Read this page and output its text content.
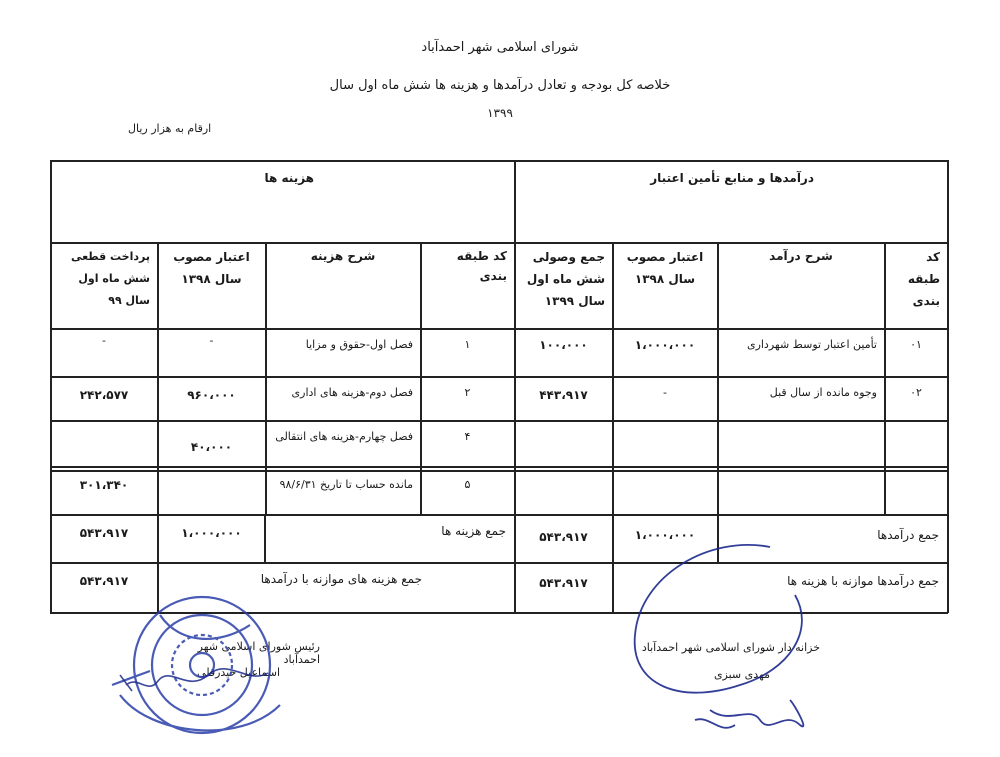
شورای اسلامی شهر احمدآباد
خلاصه کل بودجه و تعادل درآمدها و هزینه ها شش ماه اول سال
۱۳۹۹
ارقام به هزار ریال
درآمدها و منابع تأمین اعتبار
هزینه ها
کد طبقه بندی
شرح درآمد
اعتبار مصوب سال ۱۳۹۸
جمع وصولی شش ماه اول سال ۱۳۹۹
کد طبقه بندی
شرح هزینه
اعتبار مصوب سال ۱۳۹۸
پرداخت قطعی شش ماه اول سال ۹۹
۰۱
تأمین اعتبار توسط شهرداری
۱،۰۰۰،۰۰۰
۱۰۰،۰۰۰
۱
فصل اول-حقوق و مزایا
-
-
۰۲
وجوه مانده از سال قبل
-
۴۴۳،۹۱۷
۲
فصل دوم-هزینه های اداری
۹۶۰،۰۰۰
۲۴۲،۵۷۷
۴
فصل چهارم-هزینه های انتقالی
۴۰،۰۰۰
۵
مانده حساب تا تاریخ ۹۸/۶/۳۱
۳۰۱،۳۴۰
جمع درآمدها
۱،۰۰۰،۰۰۰
۵۴۳،۹۱۷
جمع هزینه ها
۱،۰۰۰،۰۰۰
۵۴۳،۹۱۷
جمع درآمدها موازنه با هزینه ها
۵۴۳،۹۱۷
جمع هزینه های موازنه با درآمدها
۵۴۳،۹۱۷
رئیس شورای اسلامی شهر احمدآباد
اسماعیل حیدرقلی
خزانه دار شورای اسلامی شهر احمدآباد
مهدی سبزی
